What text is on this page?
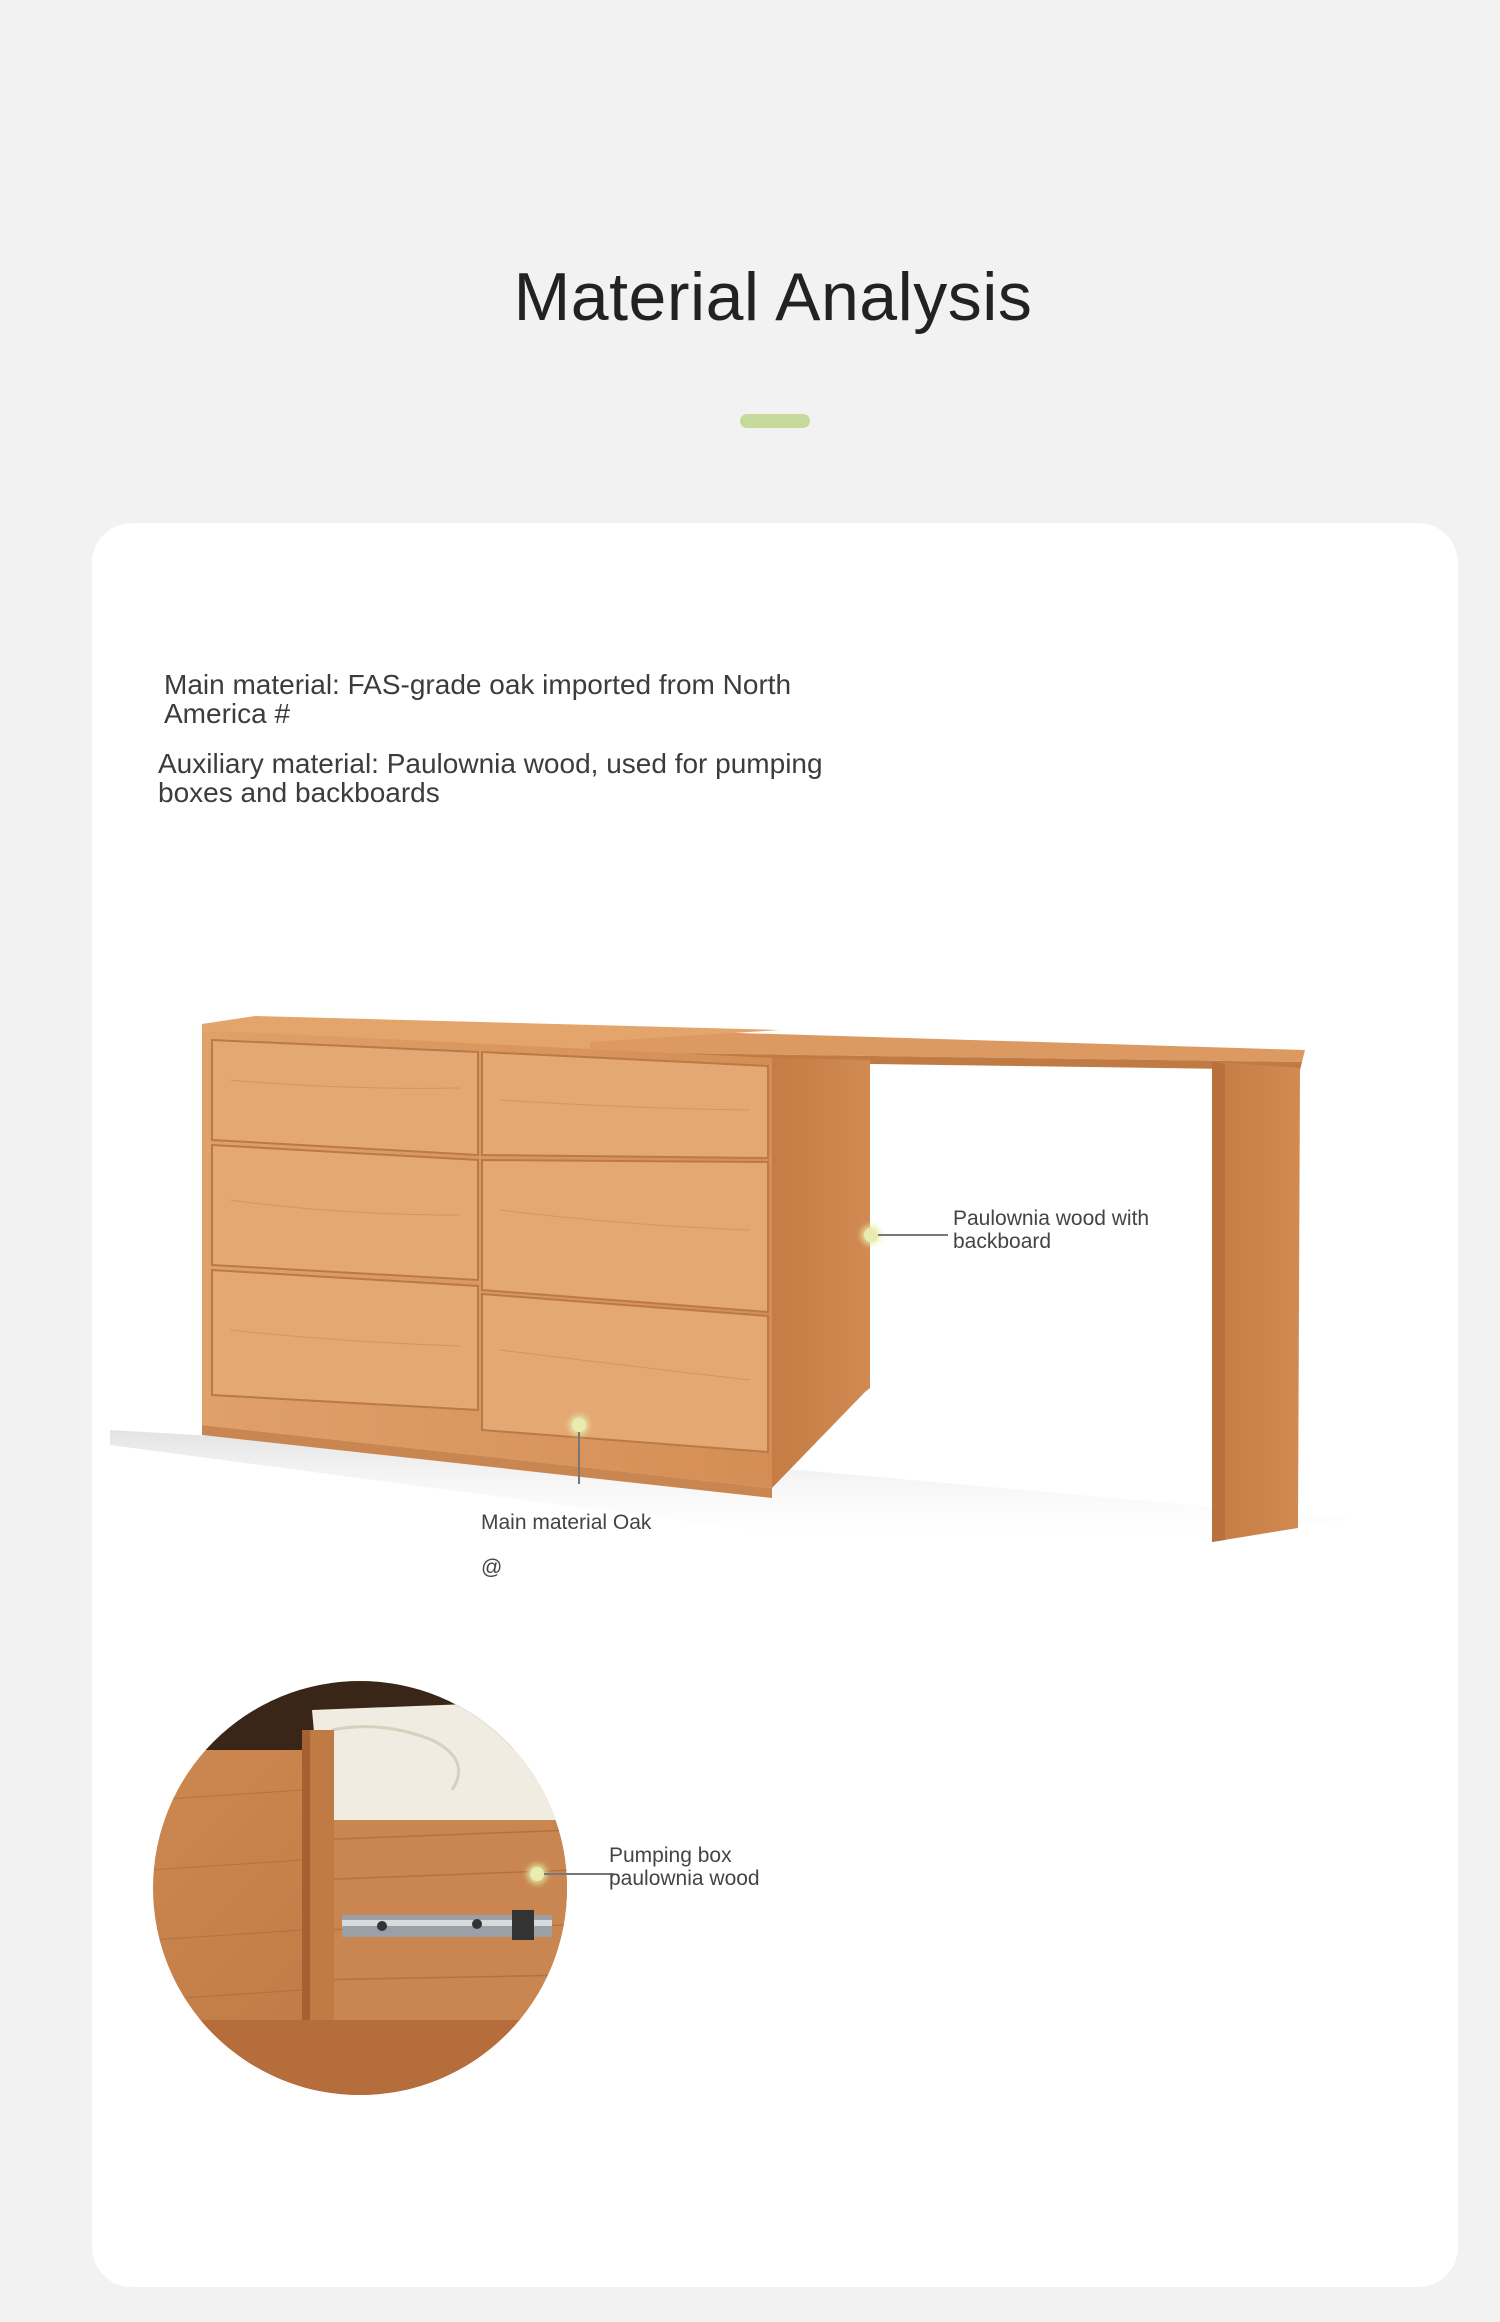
Material Analysis
Main material: FAS-grade oak imported from North America #
Auxiliary material: Paulownia wood, used for pumping boxes and backboards
Paulownia wood with backboard
Main material Oak
@
Pumping box paulownia wood
